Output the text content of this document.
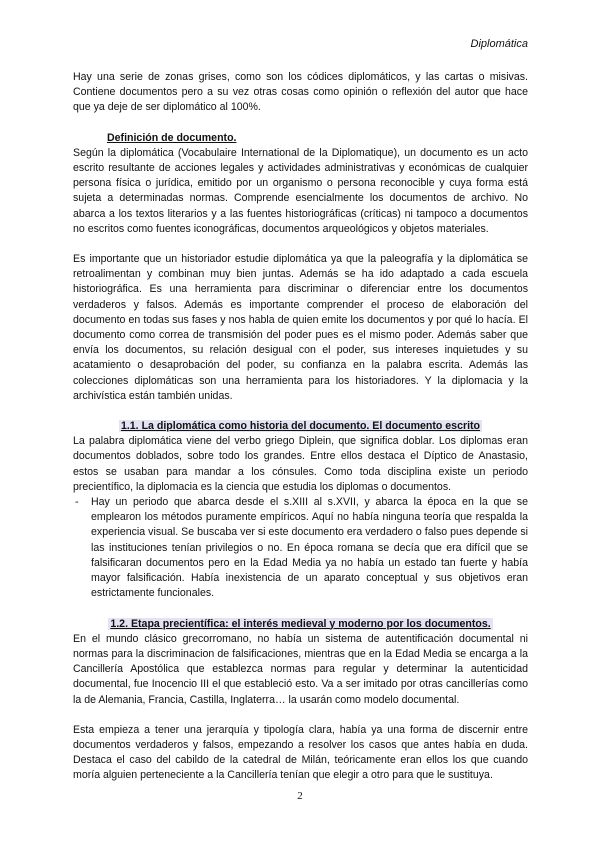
Diplomática

Hay una serie de zonas grises, como son los códices diplomáticos, y las cartas o misivas. Contiene documentos pero a su vez otras cosas como opinión o reflexión del autor que hace que ya deje de ser diplomático al 100%.

Definición de documento.

Según la diplomática (Vocabulaire International de la Diplomatique), un documento es un acto escrito resultante de acciones legales y actividades administrativas y económicas de cualquier persona física o jurídica, emitido por un organismo o persona reconocible y cuya forma está sujeta a determinadas normas. Comprende esencialmente los documentos de archivo. No abarca a los textos literarios y a las fuentes historiográficas (críticas) ni tampoco a documentos no escritos como fuentes iconográficas, documentos arqueológicos y objetos materiales.

Es importante que un historiador estudie diplomática ya que la paleografía y la diplomática se retroalimentan y combinan muy bien juntas. Además se ha ido adaptado a cada escuela historiográfica. Es una herramienta para discriminar o diferenciar entre los documentos verdaderos y falsos. Además es importante comprender el proceso de elaboración del documento en todas sus fases y nos habla de quien emite los documentos y por qué lo hacía. El documento como correa de transmisión del poder pues es el mismo poder. Además saber que envía los documentos, su relación desigual con el poder, sus intereses inquietudes y su acatamiento o desaprobación del poder, su confianza en la palabra escrita. Además las colecciones diplomáticas son una herramienta para los historiadores. Y la diplomacia y la archivística están también unidas.

1.1. La diplomática como historia del documento. El documento escrito

La palabra diplomática viene del verbo griego Diplein, que significa doblar. Los diplomas eran documentos doblados, sobre todo los grandes. Entre ellos destaca el Díptico de Anastasio, estos se usaban para mandar a los cónsules. Como toda disciplina existe un periodo precientífico, la diplomacia es la ciencia que estudia los diplomas o documentos.

- Hay un periodo que abarca desde el s.XIII al s.XVII, y abarca la época en la que se emplearon los métodos puramente empíricos. Aquí no había ninguna teoría que respalda la experiencia visual. Se buscaba ver si este documento era verdadero o falso pues depende si las instituciones tenían privilegios o no. En época romana se decía que era difícil que se falsificaran documentos pero en la Edad Media ya no había un estado tan fuerte y había mayor falsificación. Había inexistencia de un aparato conceptual y sus objetivos eran estrictamente funcionales.
1.2. Etapa precientífica: el interés medieval y moderno por los documentos.

En el mundo clásico grecorromano, no había un sistema de autentificación documental ni normas para la discriminacion de falsificaciones, mientras que en la Edad Media se encarga a la Cancillería Apostólica que establezca normas para regular y determinar la autenticidad documental, fue Inocencio III el que estableció esto. Va a ser imitado por otras cancillerías como la de Alemania, Francia, Castilla, Inglaterra… la usarán como modelo documental.

Esta empieza a tener una jerarquía y tipología clara, había ya una forma de discernir entre documentos verdaderos y falsos, empezando a resolver los casos que antes había en duda. Destaca el caso del cabildo de la catedral de Milán, teóricamente eran ellos los que cuando moría alguien perteneciente a la Cancillería tenían que elegir a otro para que le sustituya.

2
